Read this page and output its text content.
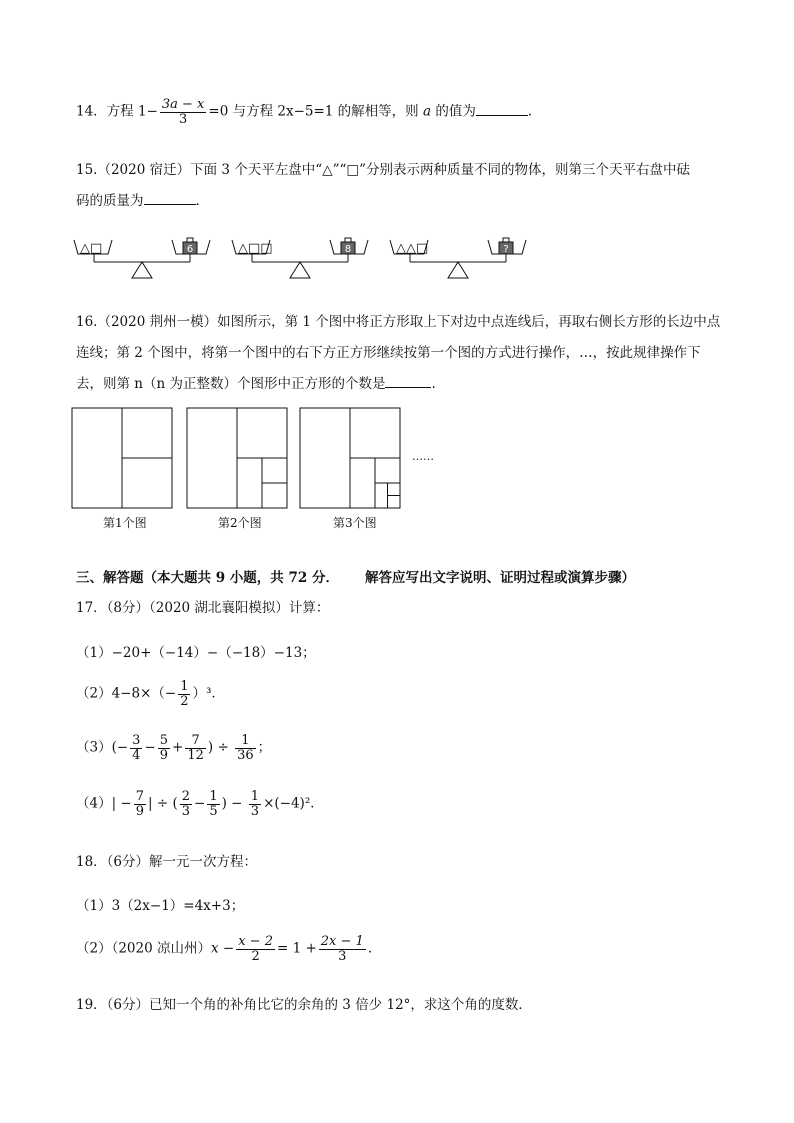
14．方程 $1- \frac{3a - x}{3} =0$ 与方程 2x−5=1 的解相等，则 a 的值为	．
15.（2020 宿迁）下面 3 个天平左盘中“△”“□”分别表示两种质量不同的物体，则第三个天平右盘中砝
码的质量为	．
△□	6	△□□	8	△△□	?
16.（2020 荆州一模）如图所示，第 1 个图中将正方形取上下对边中点连线后，再取右侧长方形的长边中点
连线；第 2 个图中，将第一个图中的右下方正方形继续按第一个图的方式进行操作，…，按此规律操作下
去，则第 n（n 为正整数）个图形中正方形的个数是	.
……
第1个图	第2个图	第3个图
三、解答题（本大题共 9 小题，共 72 分． 解答应写出文字说明、证明过程或演算步骤）
17．（8分）（2020 湖北襄阳模拟）计算：
（1）−20+（−14）−（−18）−13；
$(2)4-8\times(- \frac{1}{2} )^3$．
$(3)(- \frac{3}{4} - \frac{5}{9} + \frac{7}{12}$ ) ÷ $\frac{1}{36}$ ；
$(4)| - \frac{7}{9}$ | ÷ ( $\frac{2}{3} - \frac{1}{5}$ ) − $\frac{1}{3} \times(-4)^2$．
18．（6分）解一元一次方程：
（1）3（2x−1）=4x+3；
（2）（2020 凉山州）$x - \frac{x - 2}{2} = 1 + \frac{2x - 1}{3}$ ．
19．（6分）已知一个角的补角比它的余角的 3 倍少 12°，求这个角的度数．
